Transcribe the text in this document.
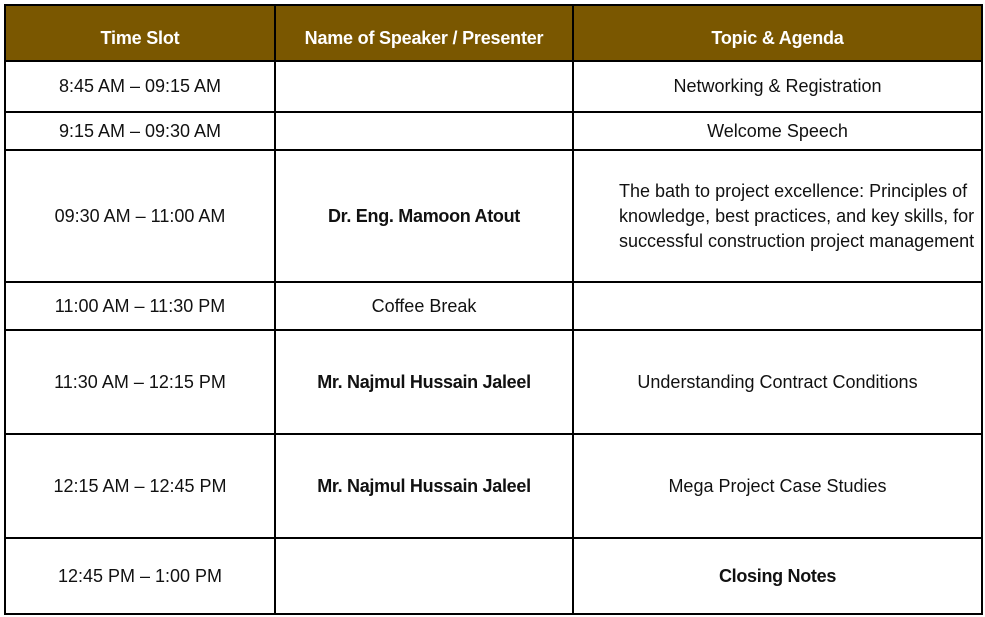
Time Slot	Name of Speaker / Presenter	Topic & Agenda
8:45 AM – 09:15 AM		Networking & Registration
9:15 AM – 09:30 AM		Welcome Speech
09:30 AM – 11:00 AM	Dr. Eng. Mamoon Atout	The bath to project excellence: Principles of knowledge, best practices, and key skills, for successful construction project management
11:00 AM – 11:30 PM	Coffee Break	
11:30 AM – 12:15 PM	Mr. Najmul Hussain Jaleel	Understanding Contract Conditions
12:15 AM – 12:45 PM	Mr. Najmul Hussain Jaleel	Mega Project Case Studies
12:45 PM – 1:00 PM		Closing Notes
